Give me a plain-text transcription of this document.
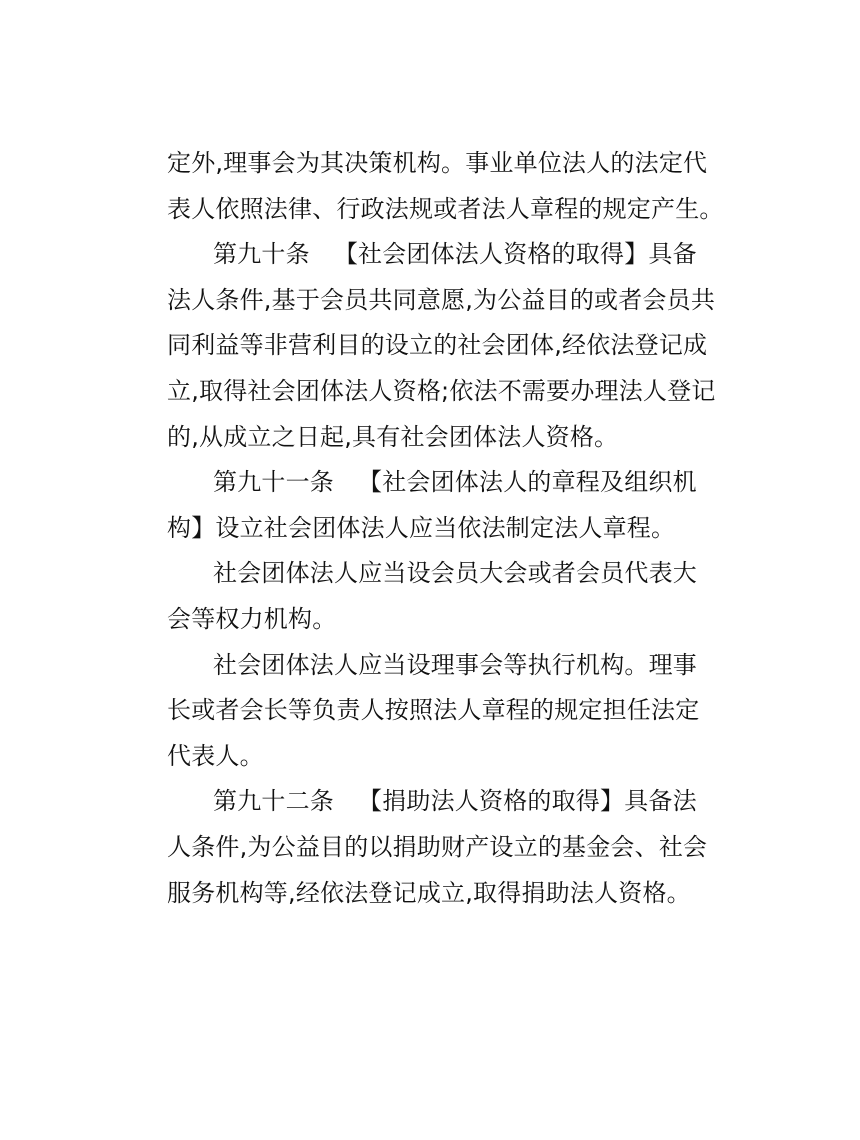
定外,理事会为其决策机构。事业单位法人的法定代
表人依照法律、行政法规或者法人章程的规定产生。
第九十条 【社会团体法人资格的取得】具备
法人条件,基于会员共同意愿,为公益目的或者会员共
同利益等非营利目的设立的社会团体,经依法登记成
立,取得社会团体法人资格;依法不需要办理法人登记
的,从成立之日起,具有社会团体法人资格。
第九十一条 【社会团体法人的章程及组织机
构】设立社会团体法人应当依法制定法人章程。
社会团体法人应当设会员大会或者会员代表大
会等权力机构。
社会团体法人应当设理事会等执行机构。理事
长或者会长等负责人按照法人章程的规定担任法定
代表人。
第九十二条 【捐助法人资格的取得】具备法
人条件,为公益目的以捐助财产设立的基金会、社会
服务机构等,经依法登记成立,取得捐助法人资格。
